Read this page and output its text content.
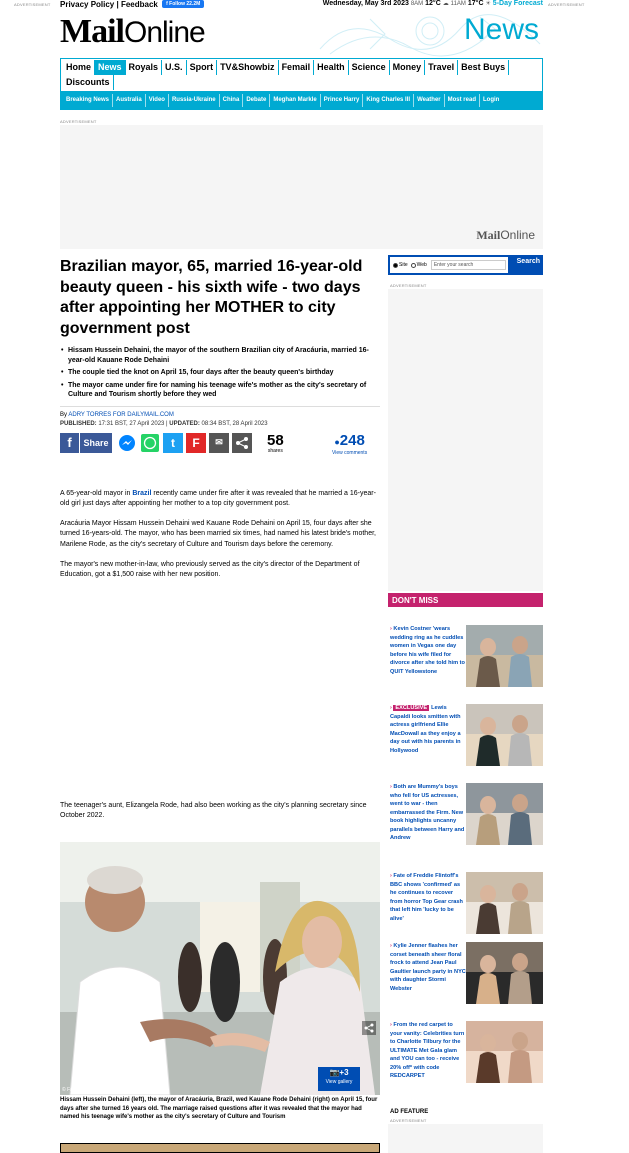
ADVERTISEMENT	ADVERTISEMENT
Privacy Policy | Feedback f Follow 22.2M	Wednesday, May 3rd 2023 8AM 12°C ☁ 11AM 17°C ☀ 5-Day Forecast
MailOnline	News
Home News Royals U.S. Sport TV&Showbiz Femail Health Science Money Travel Best Buys
Discounts
Breaking News	Australia	Video	Russia-Ukraine	China	Debate	Meghan Markle	Prince Harry	King Charles III	Weather	Most read	Login
ADVERTISEMENT
MailOnline
Brazilian mayor, 65, married 16-year-old beauty queen - his sixth wife - two days after appointing her MOTHER to city government post
• Hissam Hussein Dehaini, the mayor of the southern Brazilian city of Aracáuria, married 16-year-old Kauane Rode Dehaini
• The couple tied the knot on April 15, four days after the beauty queen's birthday
• The mayor came under fire for naming his teenage wife's mother as the city's secretary of Culture and Tourism shortly before they wed
By ADRY TORRES FOR DAILYMAIL.COM
PUBLISHED: 17:31 BST, 27 April 2023 | UPDATED: 08:34 BST, 28 April 2023
f	Share	t	F	✉	58
shares
●248
View comments

A 65-year-old mayor in Brazil recently came under fire after it was revealed that he married a 16-year-old girl just days after appointing her mother to a top city government post.

Aracáuria Mayor Hissam Hussein Dehaini wed Kauane Rode Dehaini on April 15, four days after she turned 16-years-old. The mayor, who has been married six times, had named his latest bride's mother, Marilene Rode, as the city's secretary of Culture and Tourism days before the ceremony.

The mayor's new mother-in-law, who previously served as the city's director of the Department of Education, got a $1,500 raise with her new position.

The teenager's aunt, Elizangela Rode, had also been working as the city's planning secretary since October 2022.

© Facebook
📷+3
View gallery
Hissam Hussein Dehaini (left), the mayor of Aracáuria, Brazil, wed Kauane Rode Dehaini (right) on April 15, four days after she turned 16 years old. The marriage raised questions after it was revealed that the mayor had named his teenage wife's mother as the city's secretary of Culture and Tourism
Site Web	Enter your search	Search
ADVERTISEMENT
DON'T MISS
› Kevin Costner 'wears wedding ring as he cuddles women in Vegas one day before his wife filed for divorce after she told him to QUIT Yellowstone
› EXCLUSIVE Lewis Capaldi looks smitten with actress girlfriend Ellie MacDowall as they enjoy a day out with his parents in Hollywood
› Both are Mummy's boys who fell for US actresses, went to war - then embarrassed the Firm. New book highlights uncanny parallels between Harry and Andrew
› Fate of Freddie Flintoff's BBC shows 'confirmed' as he continues to recover from horror Top Gear crash that left him 'lucky to be alive'
› Kylie Jenner flashes her corset beneath sheer floral frock to attend Jean Paul Gaultier launch party in NYC with daughter Stormi Webster
› From the red carpet to your vanity: Celebrities turn to Charlotte Tilbury for the ULTIMATE Met Gala glam and YOU can too - receive 20% off* with code REDCARPET
AD FEATURE
ADVERTISEMENT
